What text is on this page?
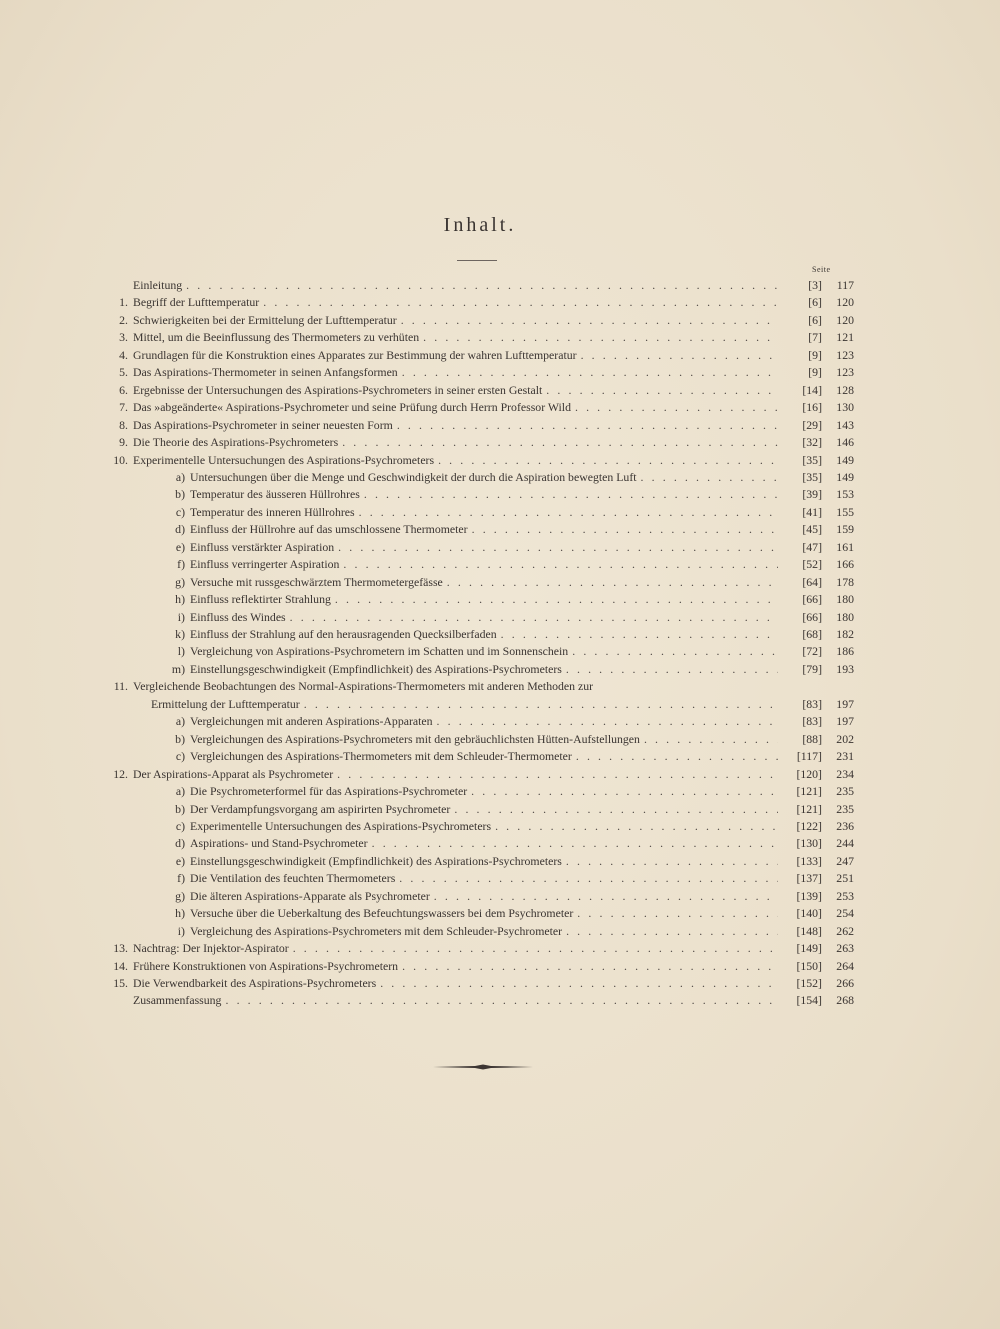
Inhalt.
Seite
Einleitung . . .	[3]	117
1. Begriff der Lufttemperatur . . .	[6]	120
2. Schwierigkeiten bei der Ermittelung der Lufttemperatur . . .	[6]	120
3. Mittel, um die Beeinflussung des Thermometers zu verhüten . . .	[7]	121
4. Grundlagen für die Konstruktion eines Apparates zur Bestimmung der wahren Lufttemperatur . . .	[9]	123
5. Das Aspirations-Thermometer in seinen Anfangsformen . . .	[9]	123
6. Ergebnisse der Untersuchungen des Aspirations-Psychrometers in seiner ersten Gestalt . . .	[14]	128
7. Das »abgeänderte« Aspirations-Psychrometer und seine Prüfung durch Herrn Professor Wild . . .	[16]	130
8. Das Aspirations-Psychrometer in seiner neuesten Form . . .	[29]	143
9. Die Theorie des Aspirations-Psychrometers . . .	[32]	146
10. Experimentelle Untersuchungen des Aspirations-Psychrometers . . .	[35]	149
a) Untersuchungen über die Menge und Geschwindigkeit der durch die Aspiration bewegten Luft . . .	[35]	149
b) Temperatur des äusseren Hüllrohres . . .	[39]	153
c) Temperatur des inneren Hüllrohres . . .	[41]	155
d) Einfluss der Hüllrohre auf das umschlossene Thermometer . . .	[45]	159
e) Einfluss verstärkter Aspiration . . .	[47]	161
f) Einfluss verringerter Aspiration . . .	[52]	166
g) Versuche mit russgeschwärztem Thermometergefässe . . .	[64]	178
h) Einfluss reflektirter Strahlung . . .	[66]	180
i) Einfluss des Windes . . .	[66]	180
k) Einfluss der Strahlung auf den herausragenden Quecksilberfaden . . .	[68]	182
l) Vergleichung von Aspirations-Psychrometern im Schatten und im Sonnenschein . . .	[72]	186
m) Einstellungsgeschwindigkeit (Empfindlichkeit) des Aspirations-Psychrometers . . .	[79]	193
11. Vergleichende Beobachtungen des Normal-Aspirations-Thermometers mit anderen Methoden zur
Ermittelung der Lufttemperatur . . .	[83]	197
a) Vergleichungen mit anderen Aspirations-Apparaten . . .	[83]	197
b) Vergleichungen des Aspirations-Psychrometers mit den gebräuchlichsten Hütten-Aufstellungen . . .	[88]	202
c) Vergleichungen des Aspirations-Thermometers mit dem Schleuder-Thermometer . . .	[117]	231
12. Der Aspirations-Apparat als Psychrometer . . .	[120]	234
a) Die Psychrometerformel für das Aspirations-Psychrometer . . .	[121]	235
b) Der Verdampfungsvorgang am aspirirten Psychrometer . . .	[121]	235
c) Experimentelle Untersuchungen des Aspirations-Psychrometers . . .	[122]	236
d) Aspirations- und Stand-Psychrometer . . .	[130]	244
e) Einstellungsgeschwindigkeit (Empfindlichkeit) des Aspirations-Psychrometers . . .	[133]	247
f) Die Ventilation des feuchten Thermometers . . .	[137]	251
g) Die älteren Aspirations-Apparate als Psychrometer . . .	[139]	253
h) Versuche über die Ueberkaltung des Befeuchtungswassers bei dem Psychrometer . . .	[140]	254
i) Vergleichung des Aspirations-Psychrometers mit dem Schleuder-Psychrometer . . .	[148]	262
13. Nachtrag: Der Injektor-Aspirator . . .	[149]	263
14. Frühere Konstruktionen von Aspirations-Psychrometern . . .	[150]	264
15. Die Verwendbarkeit des Aspirations-Psychrometers . . .	[152]	266
Zusammenfassung . . .	[154]	268
